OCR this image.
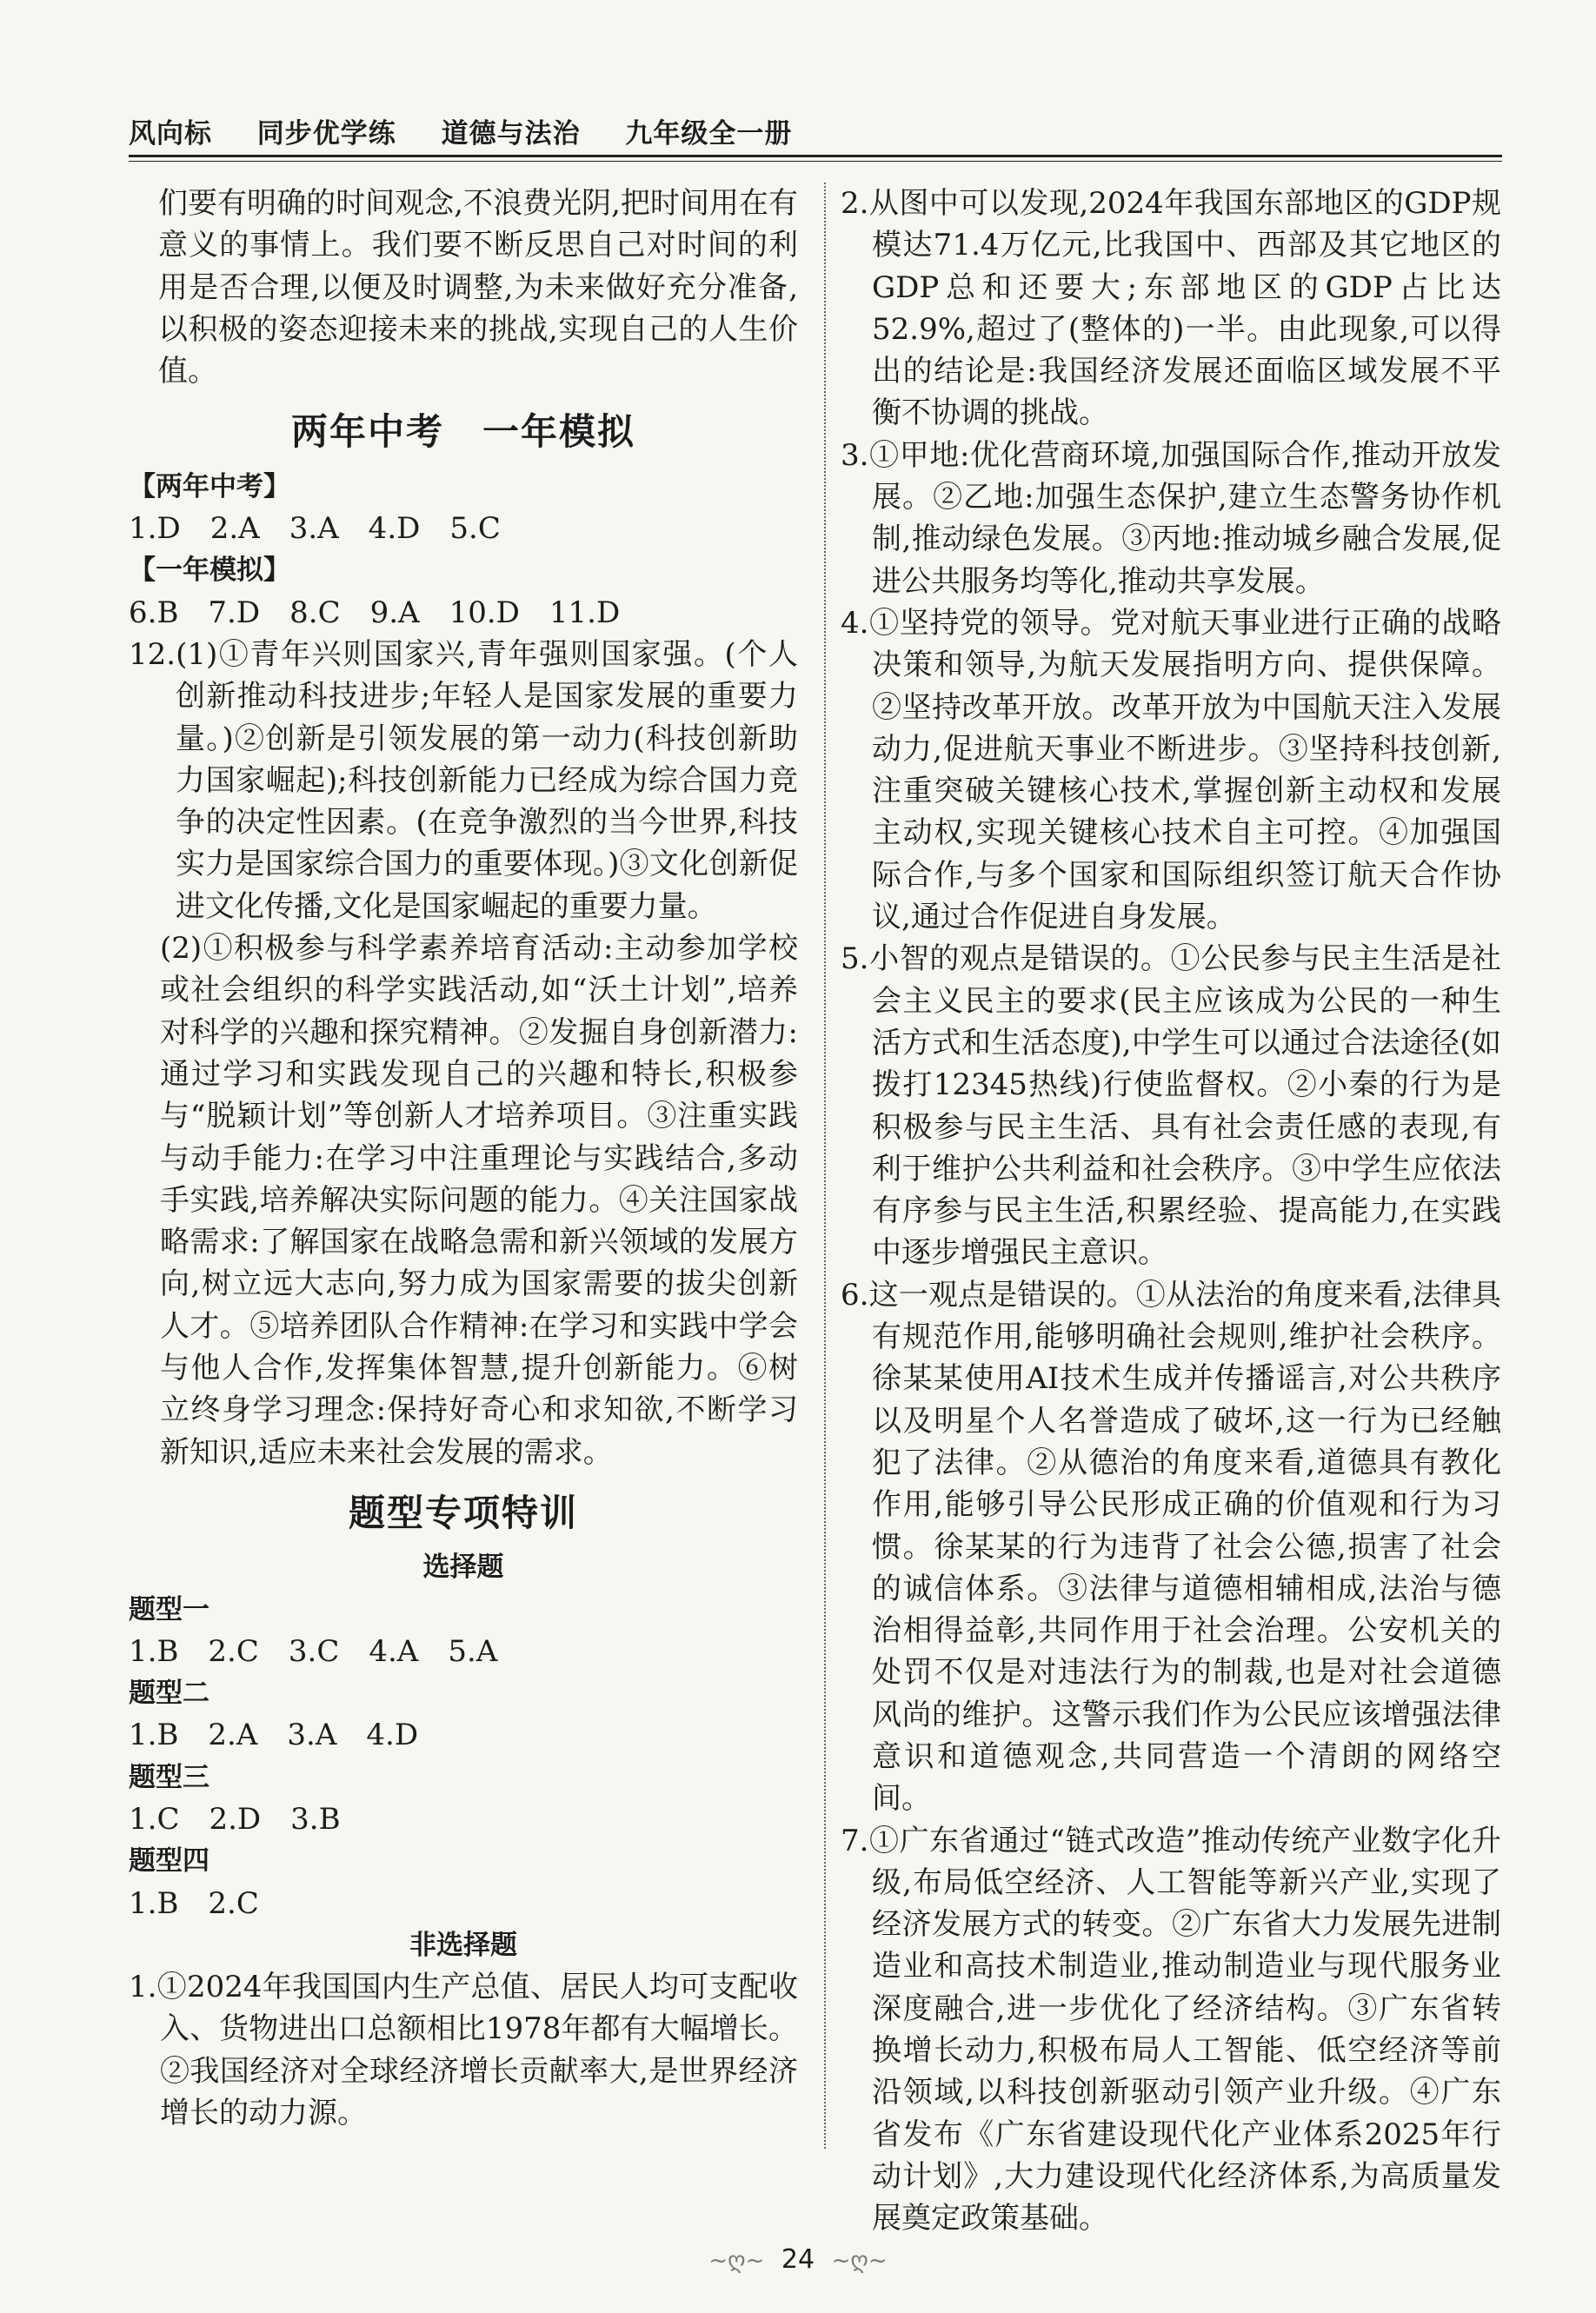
风向标 同步优学练 道德与法治 九年级全一册

们要有明确的时间观念,不浪费光阴,把时间用在有意义的事情上。我们要不断反思自己对时间的利用是否合理,以便及时调整,为未来做好充分准备,以积极的姿态迎接未来的挑战,实现自己的人生价值。

两年中考　一年模拟
【两年中考】
1.D　2.A　3.A　4.D　5.C
【一年模拟】
6.B　7.D　8.C　9.A　10.D　11.D

12.(1)①青年兴则国家兴,青年强则国家强。(个人创新推动科技进步;年轻人是国家发展的重要力量。)②创新是引领发展的第一动力(科技创新助力国家崛起);科技创新能力已经成为综合国力竞争的决定性因素。(在竞争激烈的当今世界,科技实力是国家综合国力的重要体现。)③文化创新促进文化传播,文化是国家崛起的重要力量。

(2)①积极参与科学素养培育活动:主动参加学校或社会组织的科学实践活动,如“沃土计划”,培养对科学的兴趣和探究精神。②发掘自身创新潜力:通过学习和实践发现自己的兴趣和特长,积极参与“脱颖计划”等创新人才培养项目。③注重实践与动手能力:在学习中注重理论与实践结合,多动手实践,培养解决实际问题的能力。④关注国家战略需求:了解国家在战略急需和新兴领域的发展方向,树立远大志向,努力成为国家需要的拔尖创新人才。⑤培养团队合作精神:在学习和实践中学会与他人合作,发挥集体智慧,提升创新能力。⑥树立终身学习理念:保持好奇心和求知欲,不断学习新知识,适应未来社会发展的需求。

题型专项特训
选择题
题型一
1.B　2.C　3.C　4.A　5.A
题型二
1.B　2.A　3.A　4.D
题型三
1.C　2.D　3.B
题型四
1.B　2.C
非选择题

1.①2024年我国国内生产总值、居民人均可支配收入、货物进出口总额相比1978年都有大幅增长。②我国经济对全球经济增长贡献率大,是世界经济增长的动力源。

2.从图中可以发现,2024年我国东部地区的GDP规模达71.4万亿元,比我国中、西部及其它地区的GDP总和还要大;东部地区的GDP占比达52.9%,超过了(整体的)一半。由此现象,可以得出的结论是:我国经济发展还面临区域发展不平衡不协调的挑战。

3.①甲地:优化营商环境,加强国际合作,推动开放发展。②乙地:加强生态保护,建立生态警务协作机制,推动绿色发展。③丙地:推动城乡融合发展,促进公共服务均等化,推动共享发展。

4.①坚持党的领导。党对航天事业进行正确的战略决策和领导,为航天发展指明方向、提供保障。②坚持改革开放。改革开放为中国航天注入发展动力,促进航天事业不断进步。③坚持科技创新,注重突破关键核心技术,掌握创新主动权和发展主动权,实现关键核心技术自主可控。④加强国际合作,与多个国家和国际组织签订航天合作协议,通过合作促进自身发展。

5.小智的观点是错误的。①公民参与民主生活是社会主义民主的要求(民主应该成为公民的一种生活方式和生活态度),中学生可以通过合法途径(如拨打12345热线)行使监督权。②小秦的行为是积极参与民主生活、具有社会责任感的表现,有利于维护公共利益和社会秩序。③中学生应依法有序参与民主生活,积累经验、提高能力,在实践中逐步增强民主意识。

6.这一观点是错误的。①从法治的角度来看,法律具有规范作用,能够明确社会规则,维护社会秩序。徐某某使用AI技术生成并传播谣言,对公共秩序以及明星个人名誉造成了破坏,这一行为已经触犯了法律。②从德治的角度来看,道德具有教化作用,能够引导公民形成正确的价值观和行为习惯。徐某某的行为违背了社会公德,损害了社会的诚信体系。③法律与道德相辅相成,法治与德治相得益彰,共同作用于社会治理。公安机关的处罚不仅是对违法行为的制裁,也是对社会道德风尚的维护。这警示我们作为公民应该增强法律意识和道德观念,共同营造一个清朗的网络空间。

7.①广东省通过“链式改造”推动传统产业数字化升级,布局低空经济、人工智能等新兴产业,实现了经济发展方式的转变。②广东省大力发展先进制造业和高技术制造业,推动制造业与现代服务业深度融合,进一步优化了经济结构。③广东省转换增长动力,积极布局人工智能、低空经济等前沿领域,以科技创新驱动引领产业升级。④广东省发布《广东省建设现代化产业体系2025年行动计划》,大力建设现代化经济体系,为高质量发展奠定政策基础。

~ღ~ 24 ~ღ~
